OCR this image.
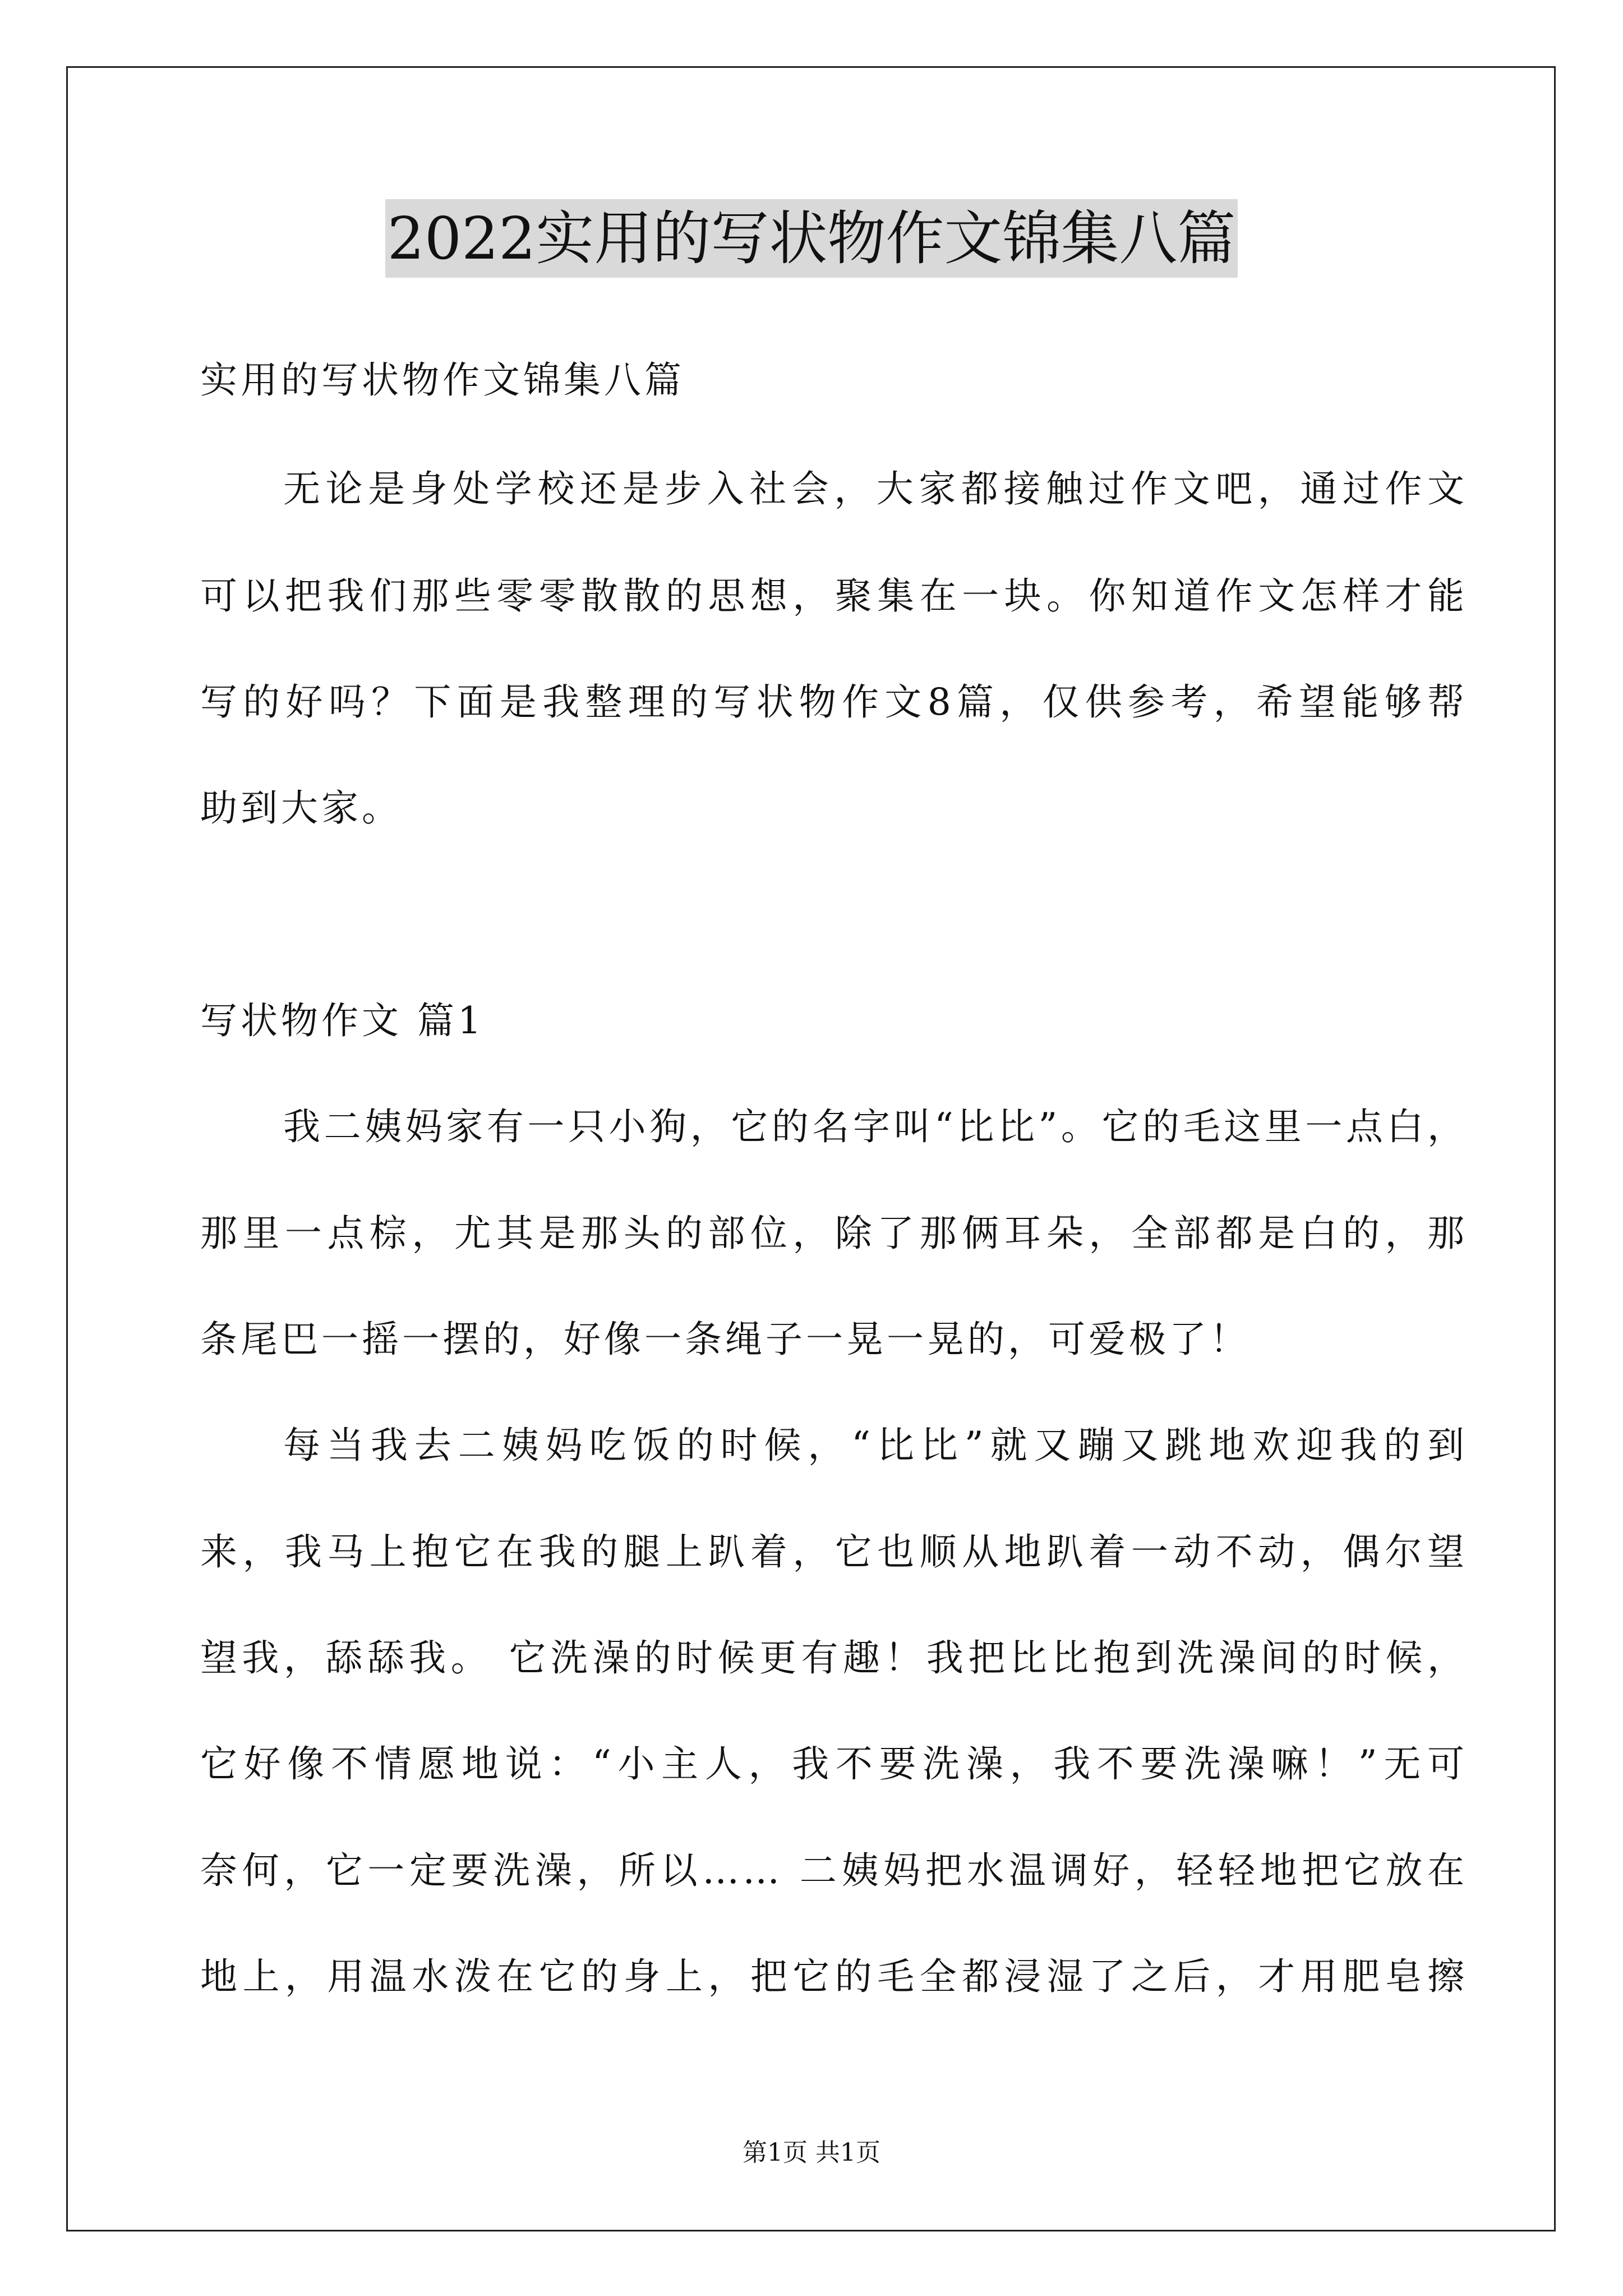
2022实用的写状物作文锦集八篇
实用的写状物作文锦集八篇
无论是身处学校还是步入社会，大家都接触过作文吧，通过作文
可以把我们那些零零散散的思想，聚集在一块。你知道作文怎样才能
写的好吗？下面是我整理的写状物作文8篇，仅供参考，希望能够帮
助到大家。
写状物作文 篇1
我二姨妈家有一只小狗，它的名字叫“比比”。它的毛这里一点白，
那里一点棕，尤其是那头的部位，除了那俩耳朵，全部都是白的，那
条尾巴一摇一摆的，好像一条绳子一晃一晃的，可爱极了！
每当我去二姨妈吃饭的时候，“比比”就又蹦又跳地欢迎我的到
来，我马上抱它在我的腿上趴着，它也顺从地趴着一动不动，偶尔望
望我，舔舔我。 它洗澡的时候更有趣！我把比比抱到洗澡间的时候，
它好像不情愿地说：“小主人，我不要洗澡，我不要洗澡嘛！”无可
奈何，它一定要洗澡，所以…… 二姨妈把水温调好，轻轻地把它放在
地上，用温水泼在它的身上，把它的毛全都浸湿了之后，才用肥皂擦
第1页 共1页
